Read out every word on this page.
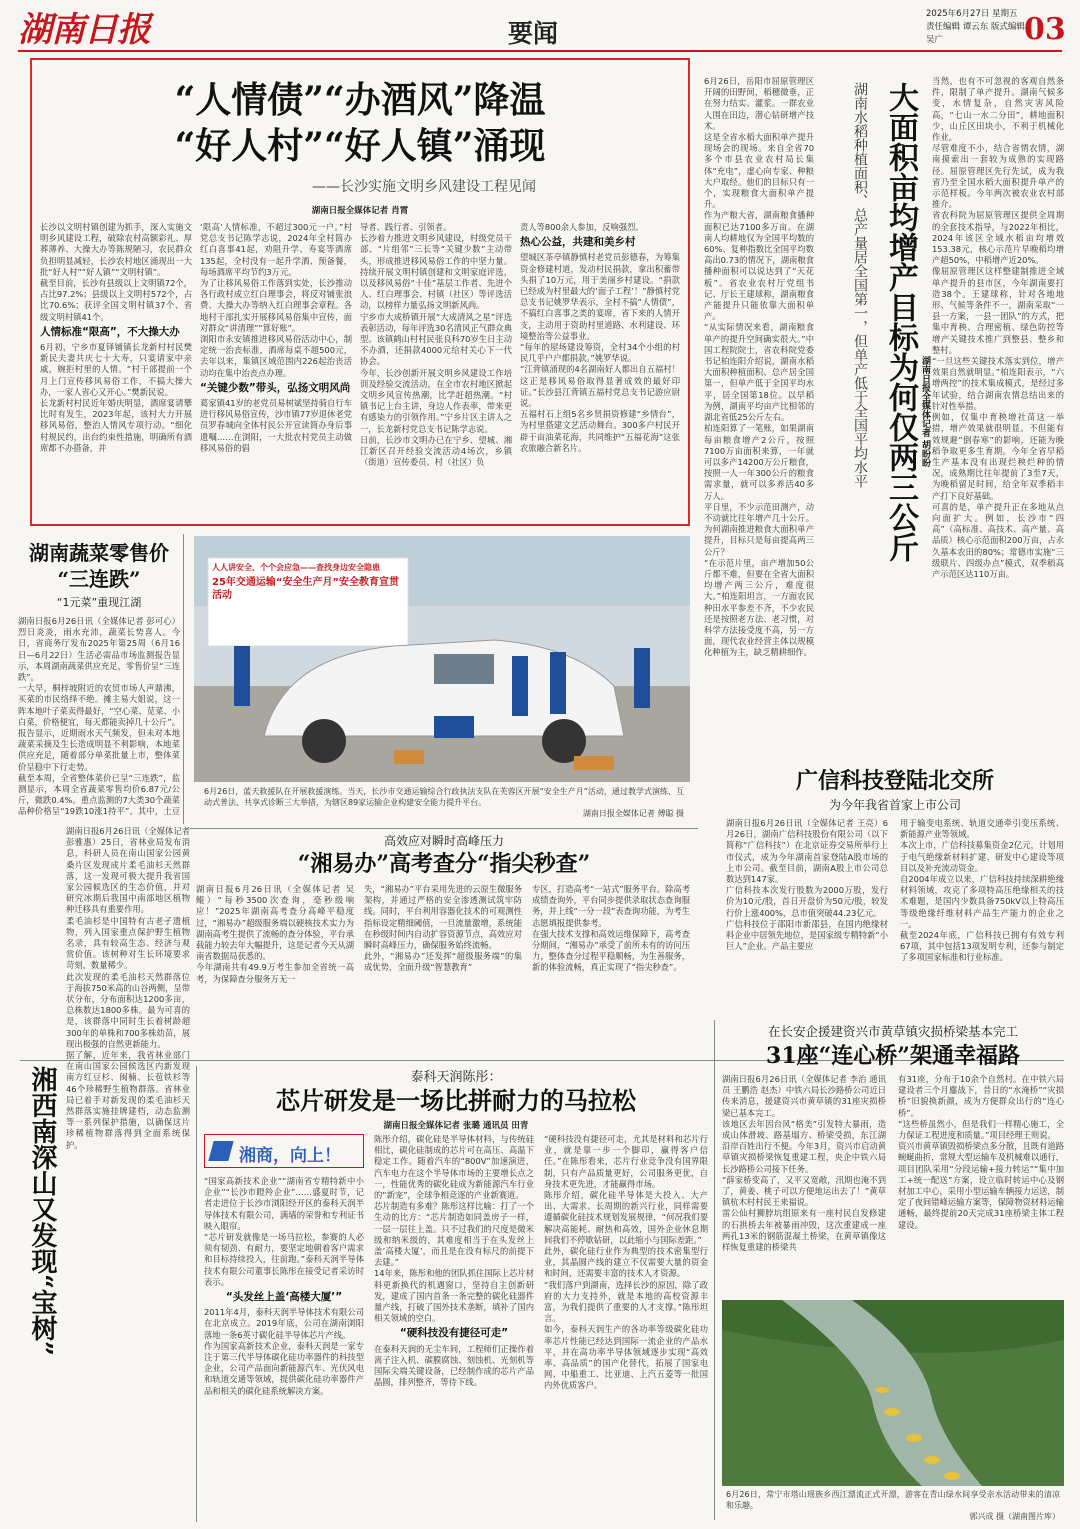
湖南日报	要闻
2025年6月27日 星期五
责任编辑 谭云东 版式编辑 吴广	03
“人情债”“办酒风”降温
“好人村”“好人镇”涌现
——长沙实施文明乡风建设工程见闻
湖南日报全媒体记者 肖霄

长沙以文明村镇创建为抓手，深入实施文明乡风建设工程，破除农村高额彩礼、厚葬薄养、大操大办等陈规陋习，农民群众负担明显减轻，长沙农村地区涌现出一大批“好人村”“好人镇”“文明村镇”。

截至目前，长沙有县级以上文明镇72个，占比97.2%；县级以上文明村572个，占比70.6%；获评全国文明村镇37个、省级文明村镇41个。

人情标准“限高”，不大操大办

6月初，宁乡市夏铎铺镇长龙新村村民樊新民夫妻共庆七十大寿，只宴请家中亲戚，婉拒村里的人情。“村干部提前一个月上门宣传移风易俗工作，不搞大操大办，一家人省心又开心。”樊新民说。

长龙新村村民近年婚庆明显，酒席宴请攀比时有发生，2023年起，该村大力开展移风易俗，整治人情风专项行动。“细化村规民约，出台约束性措施，明确所有酒席都不办搭备，并

‘限高’人情标准，不超过300元一户。”村党总支书记陈学志说，2024年全村简办红白喜事41起，劝阻升学、寿宴等酒席135起，全村没有一起升学酒、预备餐，每场酒席平均节约3万元。

为了让移风易俗工作落到实处，长沙推动各行政村成立红白理事会，将反对铺张浪费、大操大办等纳入红白理事会章程。各地村干部扎实开展移风易俗集中宣传，面对群众“讲清理”“算好账”。

浏阳市永安镇推进移风易俗活动中心，制定统一治丧标准，酒席每桌不超500元，去年以来，集镇区域范围内226起治丧活动均在集中治丧点办理。

“关键少数”带头，弘扬文明风尚

葛家镇41岁的老党员易树斌坚持骑自行车进行移风易俗宣传，沙市镇77岁退休老党员罗春城向全体村民公开宣读简办身后事遗嘱……在浏阳，一大批农村党员主动做移风易俗的倡

导者、践行者、引领者。

长沙着力推进文明乡风建设，村级党员干部、“片组邻”三长等“关键少数”主动带头，形成推进移风易俗工作的中坚力量。持续开展文明村镇创建和文明家庭评选，以及移风易俗“十佳”基层工作者、先进个人、红白理事会、村镇（社区）等评选活动，以榜样力量弘扬文明新风尚。

宁乡市大成桥镇开展“大成清风之星”评选表彰活动，每年评选30名清风正气群众典型。该镇鹤山村村民张良科70岁生日主动不办酒，还捐款4000元给村关心下一代协会。

今年，长沙创新开展文明乡风建设工作培训及经验交流活动，在全市农村地区掀起文明乡风宣传热潮，比学赶超热潮。“村镇书记上台主讲，身边人作表率，带来更有感染力的引领作用。”宁乡片区主讲人之一，长龙新村党总支书记陈学志说。

日前，长沙市文明办已在宁乡、望城、湘江新区召开经验交流活动4场次，乡镇（街道）宣传委员、村（社区）负

责人等800余人参加，反响强烈。

热心公益，共建和美乡村

望城区茶亭镇静慎村老党员彭德春，为筹集资金修建村道，发动村民捐款，拿出积蓄带头捐了10万元，用于美丽乡村建设。“捐款已经成为村里最大的‘面子工程’！”静慎村党总支书记姚罗华表示，全村不搞“人情债”，不搞红白喜事之类的宴席，省下来的人情开支，主动用于资助村里道路、水利建设、环境整治等公益事业。

“每年的屋场建设筹资，全村34个小组的村民几乎户户都捐款。”姚罗华说。

“江背镇涌现的4名湖南好人都出自五福村！这正是移风易俗取得显著成效的最好印证。”长沙县江背镇五福村党总支书记游应尉说。

五福村石上组5名乡贤捐资修建“乡情台”，为村里搭建文艺活动舞台。300多户村民开辟干亩油菜花海，共同维护“五福花海”这张农旅融合新名片。

6月26日，岳阳市屈原管理区开阔的田野间，稻穗微垂，正在努力结实、灌浆。一群农业人围在田边，潜心钻研增产技术。

这是全省水稻大面积单产提升现场会的现场。来自全省70多个市县农业农村局长集体“充电”，虚心向专家、种粮大户取经。他们的目标只有一个，实现粮食大面积单产提升。

作为产粮大省，湖南粮食播种面积已达7100多万亩。在湖南人均耕地仅为全国平均数的60%、复种指数比全国平均数高出0.73的情况下，湖南粮食播种面积可以说达到了“天花板”。省农业农村厅党组书记、厅长王建球称，湖南粮食产能提升只能依靠大面积单产。

“从实际情况来看，湖南粮食单产的提升空间确实很大。”中国工程院院士，省农科院党委书记柏连阳介绍说，湖南水稻大面积种植面积、总产居全国第一，但单产低于全国平均水平，居全国第18位。以早稻为例，湖南平均亩产比相邻的湖北省低25公斤左右。

柏连阳算了一笔账，如果湖南每亩粮食增产2公斤，按照7100万亩面积来算，一年就可以多产14200万公斤粮食，按照一人一年300公斤的粮食需求量，就可以多养活40多万人。

平日里，不少示范田测产，动不动就比往年增产几十公斤。为何湖南推进粮食大面积单产提升，目标只是每亩提高两三公斤？

“在示范片里，亩产增加50公斤都不难，但要在全省大面积均增产两三公斤，难度很大。”柏连阳坦言，一方面农民种田水平参差不齐，不少农民还是按照老方法、老习惯，对科学方法接受度不高，另一方面，现代农业经营主体以规模化种植为主，缺乏精耕细作。

大面积亩均增产目标为何仅两三公斤
湖南水稻种植面积、总产量居全国第一，但单产低于全国平均水平	湖南日报全媒体记者 胡盼盼

当然，也有不可忽视的客观自然条件，限制了单产提升。湖南气候多变，水情复杂，自然灾害风险高，“七山一水二分田”，耕地面积少，山丘区田块小，不利于机械化作业。

尽管难度不小，结合省情农情，湖南摸索出一套较为成熟的实现路径。屈原管理区先行先试，成为我省乃至全国水稻大面积提升单产的示范样板。今年两次被农业农村部推介。

省农科院为屈原管理区提供全周期的全套技术指导，与2022年相比，2024年该区全域水稻亩均增效153.38元，核心示范片早晚稻均增产超50%，中稻增产近20%。

像屈原管理区这样整建制推进全域单产提升的县市区，今年湖南要打造38个。王建球称，针对各地地形、气候等条件不一，湖南采取“一县一方案，一县一团队”的方式，把集中育秧、合理密植、绿色防控等增产关键技术推广到整县、整乡和整村。

“一旦这些关键技术落实到位，增产效果自然就明显。”柏连阳表示，“六增两控”的技术集成模式，是经过多年试验，结合湖南农情总结出来的针对性举措。

例如，仅集中育秧增社苗这一举措，增产效果就很明显。不但能有效规避“倒春寒”的影响，还能为晚稻争取更多生育期。今年全省早稻生产基本没有出现烂秧烂种的情况，成熟期比往年提前了3至7天，为晚稻留足时间，给全年双季稻丰产打下良好基础。

可喜的是，单产提升正在多地从点向面扩大。例如，长沙市“四高”（高标准、高技术、高产量、高品质）核心示范面积200万亩，占永久基本农田的80%；常德市实施“三级联片、四级办点”模式，双季稻高产示范区达110万亩。

湖南蔬菜零售价
“三连跌”
“1元菜”重现江湖

湖南日报6月26日讯（全媒体记者 彭可心）烈日炎炎，雨水充沛，蔬菜长势喜人。今日，省商务厅发布2025年第25周（6月16日—6月22日）生活必需品市场监测报告显示，本周湖南蔬菜供应充足，零售价呈“三连跌”。

一大早，桐梓坡附近的农贸市场人声鼎沸，买菜的市民络绎不绝。摊主易大姐说，这一阵本地叶子菜卖得最好，“空心菜、苋菜、小白菜，价格便宜，每天都能卖掉几十公斤”。

报告显示，近期雨水天气频发，但未对本地蔬菜采摘及生长造成明显不利影响，本地菜供应充足，随着部分单菜批量上市，整体菜价呈稳中下行走势。

截至本周，全省整体菜价已呈“三连跌”，监测显示，本周全省蔬菜零售均价6.87元/公斤，微跌0.4%。重点监测的7大类30个蔬菜品种价格呈“19跌10涨1持平”。其中，土豆

人人讲安全、个个会应急——查找身边安全隐患
25年交通运输“安全生产月”安全教育宣贯活动
6月26日，蓝天救援队在开展救援演练。当天，长沙市交通运输综合行政执法支队在芙蓉区开展“安全生产月”活动，通过教学式演练、互动式普法、共享式诊断三大举措，为辖区89家运输企业构建安全能力提升平台。
湖南日报全媒体记者 傅聪 摄
高效应对瞬时高峰压力
“湘易办”高考查分“指尖秒查”

湖南日报6月26日讯（全媒体记者 吴鲲）“每秒3500次查询，毫秒级响应！”2025年湖南高考查分高峰平稳度过，“湘易办”超级服务端以硬核技术实力为湖南高考生提供了流畅的查分体验，平台承载能力较去年大幅提升，这是记者今天从湖南省数据局获悉的。

今年湖南共有49.9万考生参加全省统一高考，为保障查分服务万无一

失，“湘易办”平台采用先进的云原生微服务架构，并通过严格的安全渗透测试筑牢防线。同时，平台利用容器化技术的可观测性指标设定精细阈值，一旦流量激增，系统能在秒级时间内自动扩容资源节点，高效应对瞬时高峰压力，确保服务始终流畅。

此外，“湘易办”还发挥“超级服务端”的集成优势，全面升级“智慧教育”

专区，打造高考“一站式”服务平台。除高考成绩查询外，平台同步提供录取状态查询服务，并上线“一分一段”表查询功能，为考生志愿填报提供参考。

在强大技术支撑和高效运维保障下，高考查分期间，“湘易办”承受了前所未有的访问压力，整体查分过程平稳顺畅，为生善服务，新的体验流畅，真正实现了“指尖秒查”。

广信科技登陆北交所
为今年我省首家上市公司

湖南日报6月26日讯（全媒体记者 王亮）6月26日，湖南广信科技股份有限公司（以下简称“广信科技”）在北京证券交易所举行上市仪式，成为今年湖南首家登陆A股市场的上市公司。截至目前，湖南A股上市公司总数达到147家。

广信科技本次发行股数为2000万股，发行价为10元/股，首日开盘价为50元/股，较发行价上涨400%，总市值突破44.23亿元。

广信科技位于邵阳市新邵县，在国内绝缘材料企业中居领先地位，是国家级专精特新“小巨人”企业。产品主要应

用于输变电系统、轨道交通牵引变压系统、新能源产业等领域。

本次上市，广信科技募集资金2亿元，计划用于电气绝缘新材料扩建、研发中心建设等项目以及补充流动资金。

自2004年成立以来，广信科技持续深耕绝缘材料领域，攻克了多项特高压绝缘相关的技术难题，是国内少数具备750kV以上特高压等级绝缘纤维材料产品生产能力的企业之一。

截至2024年底，广信科技已拥有有效专利67项，其中包括13项发明专利，还参与制定了多项国家标准和行业标准。

湘西南深山又发现“宝树”

湖南日报6月26日讯（全媒体记者 彭雅惠）25日，省林业局发布消息，科研人员在南山国家公园黄桑片区发现成片柔毛油杉天然群落，这一发现可极大提升我省国家公园候选区的生态价值，并对研究冰期后我国中南部地区植物种迁移具有重要作用。

柔毛油杉是中国特有古老孑遗植物，列入国家重点保护野生植物名录，具有较高生态、经济与观赏价值。该树种对生长环境要求苛刻，数量稀少。

此次发现的柔毛油杉天然群落位于海拔750米高的山谷两侧，呈带状分布，分布面积达1200多亩，总株数达1800多株。最为可喜的是，该群落中同时生长着树龄超300年的单株和700多株幼苗，展现出极强的自然更新能力。

据了解，近年来，我省林业部门在南山国家公园候选区内新发现南方红豆杉、闽楠、长苞铁杉等46个珍稀野生植物群落。省林业局已着手对新发现的柔毛油杉天然群落实施挂牌建档，动态监测等一系列保护措施，以确保这片珍稀植物群落得到全面系统保护。

泰科天润陈彤：
芯片研发是一场比拼耐力的马拉松
湖南日报全媒体记者 张璐 通讯员 田青
湘商，向上！

“国家高新技术企业”“湖南省专精特新中小企业”“长沙市瞪羚企业”……盛夏时节，记者走进位于长沙市浏阳经开区的泰科天润半导体技术有限公司，满墙的荣誉和专利证书映入眼帘。

“芯片研发就像是一场马拉松，参赛的人必须有韧劲、有耐力，要坚定地朝着客户需求和目标持续投入，往前跑。”泰科天润半导体技术有限公司董事长陈彤在接受记者采访时表示。

“头发丝上盖‘高楼大厦’”

2011年4月，泰科天润半导体技术有限公司在北京成立。2019年底，公司在湖南浏阳落地一条6英寸碳化硅半导体芯片产线。

作为国家高新技术企业，泰科天润是一家专注于第三代半导体碳化硅功率器件的科技型企业，公司产品面向新能源汽车、光伏风电和轨道交通等领域，提供碳化硅功率器件产品和相关的碳化硅系统解决方案。

陈彤介绍，碳化硅是半导体材料，与传统硅相比，碳化硅制成的芯片可在高压、高温下稳定工作。随着汽车的“800V”加速演进，汽车电力在这个半导体市场的主要增长点之一，性能优秀的碳化硅成为新能源汽车行业的“新宠”，全球争相竞逐的产业新赛道。

芯片制造有多难？陈彤这样比喻：打了一个生动的比方：“芯片制造如同盖房子一样，一层一层往上盖。只不过我们的尺度是微米级和纳米级的，其难度相当于在头发丝上盖‘高楼大厦’，而且是在没有标尺的前提下去建。”

14年来，陈彤和他的团队抓住国际上芯片材料更新换代的机遇窗口，坚持自主创新研发，建成了国内首条一条完整的碳化硅器件量产线，打破了国外技术垄断，填补了国内相关领域的空白。

“硬科技没有捷径可走”

在泰科天润的无尘车间，工程师们正操作着离子注入机、碳膜腐蚀、刻蚀机、光刻机等国际尖端关键设备，已经制作成的芯片产品晶圆，排列整齐，等待下线。

“硬科技没有捷径可走，尤其是材料和芯片行业，就是靠一步一个脚印，赢得客户信任。”在陈彤看来，芯片行业竞争没有国界限制，只有产品质量更好，公司服务更优，自身技术更先进，才能赢得市场。

陈彤介绍，碳化硅半导体是大投入、大产出、大需求、长周期的新兴行业，同样需要遵循碳化硅技术规划发展规律，“何况我们要解决高能耗、耐热和高效，国外企业休息期间我们不停歇钻研，以此缩小与国际差距。”

此外，碳化硅行业作为典型的技术密集型行业，其晶圆产线的建立不仅需要大量的资金和时间，还需要丰富的技术人才资源。

“我们落户到湖南，选择长沙的原因，除了政府的大力支持外，就是本地的高校资源丰富，为我们提供了重要的人才支撑。”陈彤坦言。

如今，泰科天润生产的各功率等级碳化硅功率芯片性能已经达到国际一流企业的产品水平，并在高功率半导体领域逐步实现“高效率、高品质”的国产化替代，拓展了国家电网、中船重工、比亚迪、上汽五菱等一批国内外优质客户。

在长安企援建资兴市黄草镇灾损桥梁基本完工
31座“连心桥”架通幸福路

湖南日报6月26日讯（全媒体记者 李治 通讯员 王鹏浩 赵杰）中铁六局长沙路桥公司近日传来消息，援建资兴市黄草镇的31座灾损桥梁已基本完工。

该地区去年因台风“格美”引发特大暴雨，造成山体滑坡、路基塌方、桥梁受损，东江湖沿岸百姓出行不便。今年3月，资兴市启动黄草镇灾损桥梁恢复重建工程，央企中铁六局长沙路桥公司接下任务。

“薛家桥变高了，又平又宽敞，汛期也淹不到了，黄姜、桃子可以方便地运出去了！”黄草镇杭木村村民王来福说。

雷公仙村狮脖坑组原来有一座村民自发修建的石拱桥去年被暴雨冲毁，这次重建成一座两孔13米的钢筋混凝土桥梁，在黄草镇像这样恢复重建的桥梁共

有31座，分布于10余个自然村。在中铁六局建设者三个月鏖战下，昔日的“水淹桥”“灾损桥”旧貌换新颜，成为方便群众出行的“连心桥”。

“这些桥虽然小，但是我们一样精心施工，全力保证工程进度和质量。”项目经理王则说。

资兴市黄草镇毁损桥梁点多分散，且既有道路蜿蜒曲折，常规大型运输车及机械难以通行，项目团队采用“分段运输+接力转运”“集中加工+统一配送”方案，设立临时转运中心及钢材加工中心，采用小型运输车辆接力运送，制定了夜间错峰运输方案等，保障物资材料运输通畅，最终提前20天完成31座桥梁主体工程建设。

6月26日，常宁市塔山瑶族乡西江漂流正式开漂，游客在青山绿水间享受亲水活动带来的清凉和乐趣。
郭兴成 摄（湖南图片库）
